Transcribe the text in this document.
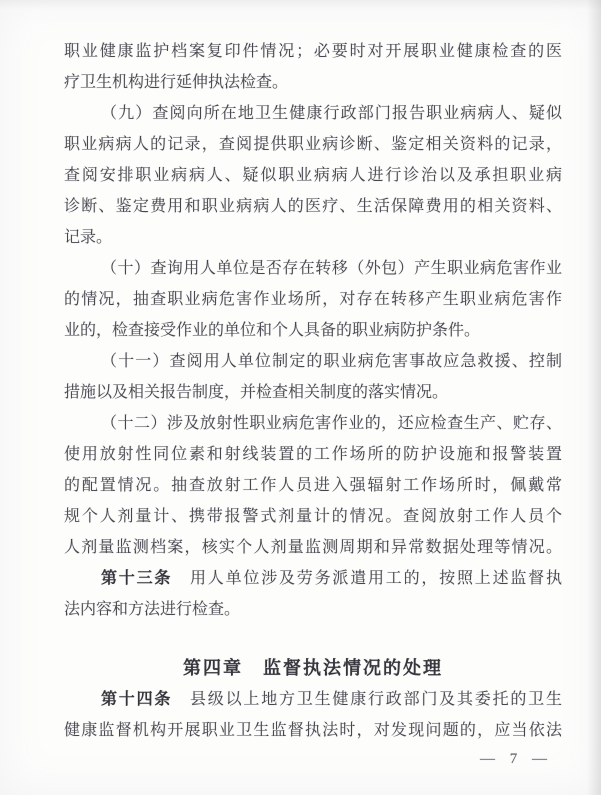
职业健康监护档案复印件情况；必要时对开展职业健康检查的医
疗卫生机构进行延伸执法检查。
（九）查阅向所在地卫生健康行政部门报告职业病病人、疑似
职业病病人的记录，查阅提供职业病诊断、鉴定相关资料的记录，
查阅安排职业病病人、疑似职业病病人进行诊治以及承担职业病
诊断、鉴定费用和职业病病人的医疗、生活保障费用的相关资料、
记录。
（十）查询用人单位是否存在转移（外包）产生职业病危害作业
的情况，抽查职业病危害作业场所，对存在转移产生职业病危害作
业的，检查接受作业的单位和个人具备的职业病防护条件。
（十一）查阅用人单位制定的职业病危害事故应急救援、控制
措施以及相关报告制度，并检查相关制度的落实情况。
（十二）涉及放射性职业病危害作业的，还应检查生产、贮存、
使用放射性同位素和射线装置的工作场所的防护设施和报警装置
的配置情况。抽查放射工作人员进入强辐射工作场所时，佩戴常
规个人剂量计、携带报警式剂量计的情况。查阅放射工作人员个
人剂量监测档案，核实个人剂量监测周期和异常数据处理等情况。
第十三条　用人单位涉及劳务派遣用工的，按照上述监督执
法内容和方法进行检查。
第四章　监督执法情况的处理
第十四条　县级以上地方卫生健康行政部门及其委托的卫生
健康监督机构开展职业卫生监督执法时，对发现问题的，应当依法
— 7 —
